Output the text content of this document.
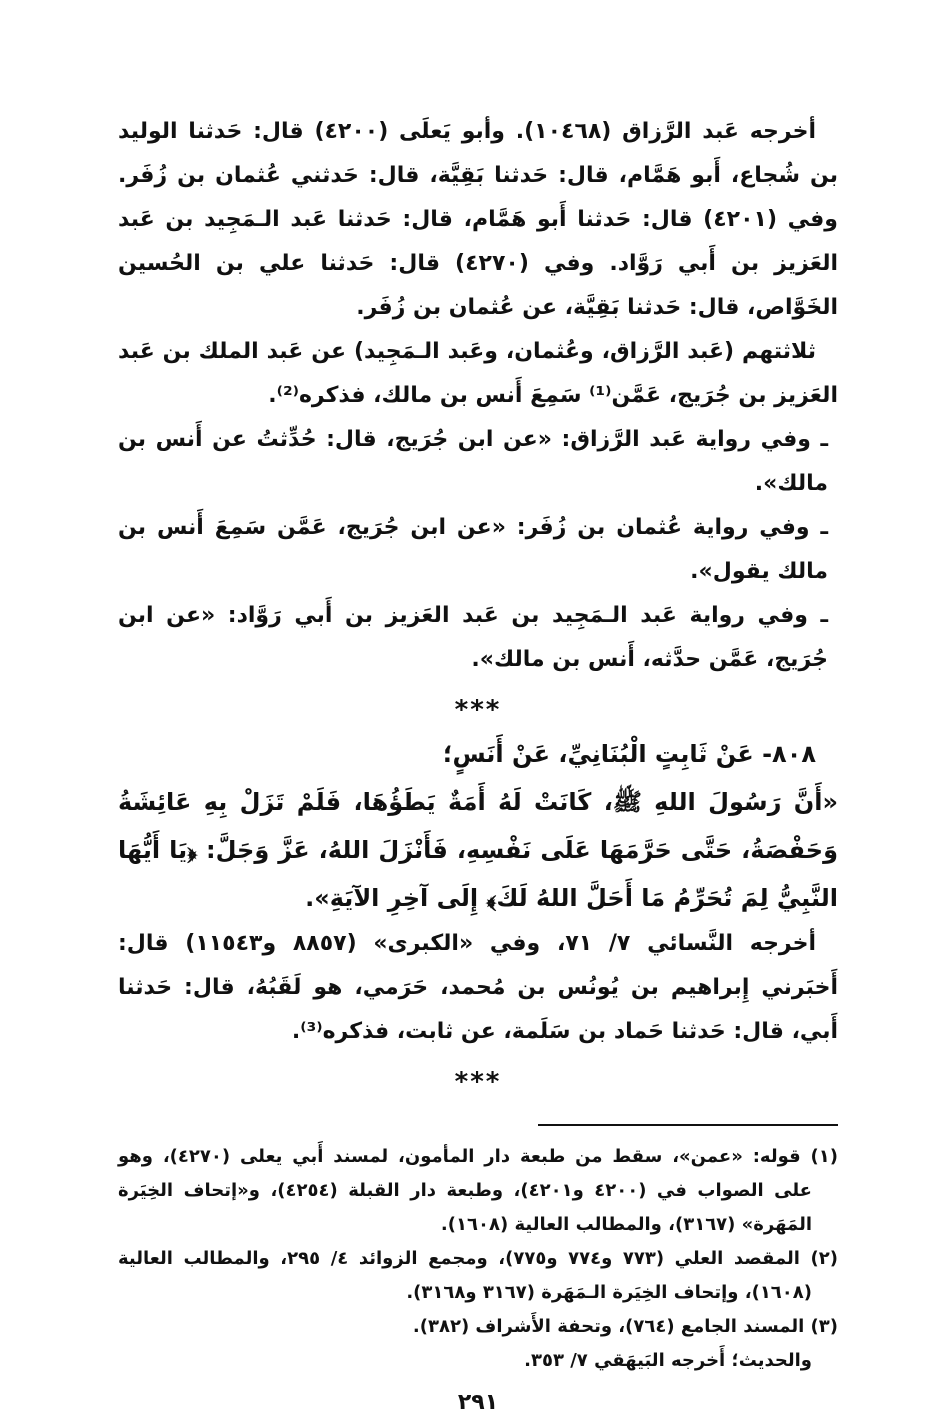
أخرجه عَبد الرَّزاق (١٠٤٦٨). وأبو يَعلَى (٤٢٠٠) قال: حَدثنا الوليد بن شُجاع، أَبو هَمَّام، قال: حَدثنا بَقِيَّة، قال: حَدثني عُثمان بن زُفَر. وفي (٤٢٠١) قال: حَدثنا أَبو هَمَّام، قال: حَدثنا عَبد الـمَجِيد بن عَبد العَزيز بن أَبي رَوَّاد. وفي (٤٢٧٠) قال: حَدثنا علي بن الحُسين الخَوَّاص، قال: حَدثنا بَقِيَّة، عن عُثمان بن زُفَر.

ثلاثتهم (عَبد الرَّزاق، وعُثمان، وعَبد الـمَجِيد) عن عَبد الملك بن عَبد العَزيز بن جُرَيج، عَمَّن⁽¹⁾ سَمِعَ أَنس بن مالك، فذكره⁽²⁾.

ـ وفي رواية عَبد الرَّزاق: «عن ابن جُرَيج، قال: حُدِّثتُ عن أَنس بن مالك».

ـ وفي رواية عُثمان بن زُفَر: «عن ابن جُرَيج، عَمَّن سَمِعَ أَنس بن مالك يقول».

ـ وفي رواية عَبد الـمَجِيد بن عَبد العَزيز بن أَبي رَوَّاد: «عن ابن جُرَيج، عَمَّن حدَّثه، أَنس بن مالك».

***

٨٠٨- عَنْ ثَابِتٍ الْبُنَانِيِّ، عَنْ أَنَسٍ؛

«أَنَّ رَسُولَ اللهِ ﷺ، كَانَتْ لَهُ أَمَةٌ يَطَؤُهَا، فَلَمْ تَزَلْ بِهِ عَائِشَةُ وَحَفْصَةُ، حَتَّى حَرَّمَهَا عَلَى نَفْسِهِ، فَأَنْزَلَ اللهُ، عَزَّ وَجَلَّ: ﴿يَا أَيُّهَا النَّبِيُّ لِمَ تُحَرِّمُ مَا أَحَلَّ اللهُ لَكَ﴾ إِلَى آخِرِ الآيَةِ».

أخرجه النَّسائي ٧/ ٧١، وفي «الكبرى» (٨٨٥٧ و١١٥٤٣) قال: أَخبَرني إِبراهيم بن يُونُس بن مُحمد، حَرَمي، هو لَقَبُهُ، قال: حَدثنا أَبي، قال: حَدثنا حَماد بن سَلَمة، عن ثابت، فذكره⁽³⁾.

***

(١) قوله: «عمن»، سقط من طبعة دار المأمون، لمسند أَبي يعلى (٤٢٧٠)، وهو على الصواب في (٤٢٠٠ و٤٢٠١)، وطبعة دار القبلة (٤٢٥٤)، و«إتحاف الخِيَرة المَهَرة» (٣١٦٧)، والمطالب العالية (١٦٠٨).

(٢) المقصد العلي (٧٧٣ و٧٧٤ و٧٧٥)، ومجمع الزوائد ٤/ ٢٩٥، والمطالب العالية (١٦٠٨)، وإتحاف الخِيَرة الـمَهَرة (٣١٦٧ و٣١٦٨).

(٣) المسند الجامع (٧٦٤)، وتحفة الأَشراف (٣٨٢).

والحديث؛ أَخرجه البَيهَقي ٧/ ٣٥٣.

٢٩١
